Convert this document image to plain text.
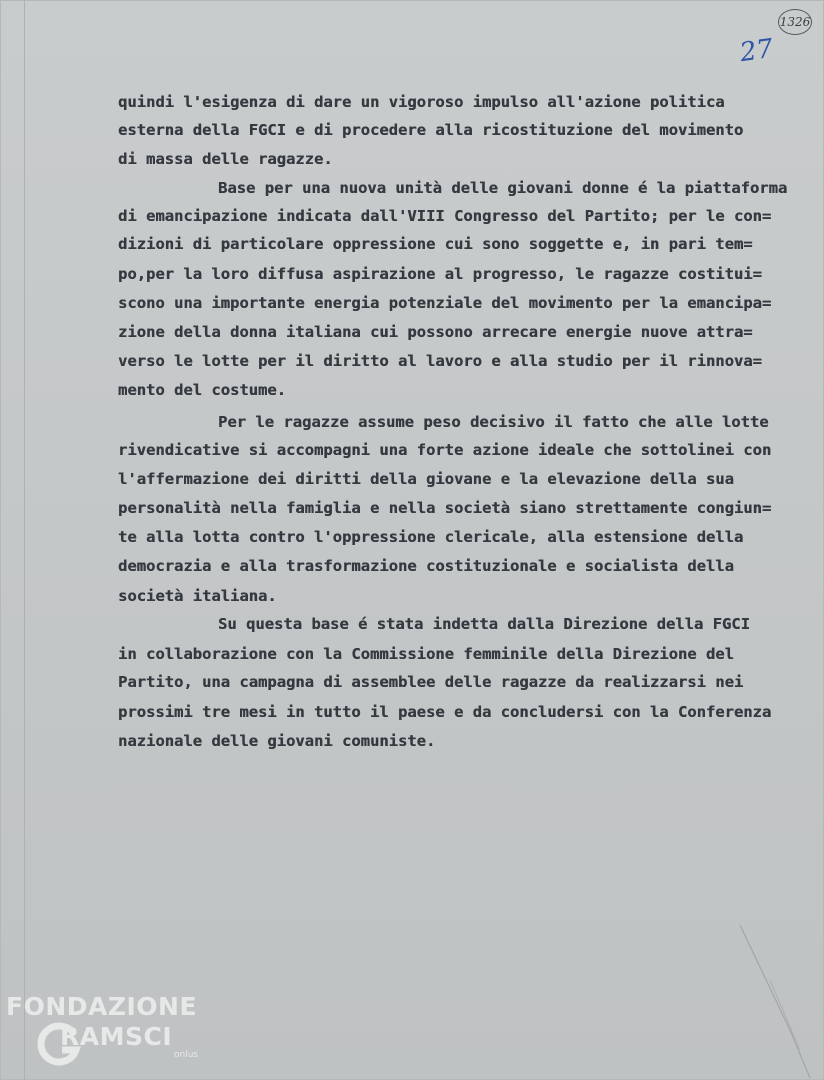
1326
27
quindi l'esigenza di dare un vigoroso impulso all'azione politica
esterna della FGCI e di procedere alla ricostituzione del movimento
di massa delle ragazze.
Base per una nuova unità delle giovani donne é la piattaforma
di emancipazione indicata dall'VIII Congresso del Partito; per le con=
dizioni di particolare oppressione cui sono soggette e, in pari tem=
po,per la loro diffusa aspirazione al progresso, le ragazze costitui=
scono una importante energia potenziale del movimento per la emancipa=
zione della donna italiana cui possono arrecare energie nuove attra=
verso le lotte per il diritto al lavoro e alla studio per il rinnova=
mento del costume.
Per le ragazze assume peso decisivo il fatto che alle lotte
rivendicative si accompagni una forte azione ideale che sottolinei con
l'affermazione dei diritti della giovane e la elevazione della sua
personalità nella famiglia e nella società siano strettamente congiun=
te alla lotta contro l'oppressione clericale, alla estensione della
democrazia e alla trasformazione costituzionale e socialista della
società italiana.
Su questa base é stata indetta dalla Direzione della FGCI
in collaborazione con la Commissione femminile della Direzione del
Partito, una campagna di assemblee delle ragazze da realizzarsi nei
prossimi tre mesi in tutto il paese e da concludersi con la Conferenza
nazionale delle giovani comuniste.
FONDAZIONE
RAMSCI
onlus
